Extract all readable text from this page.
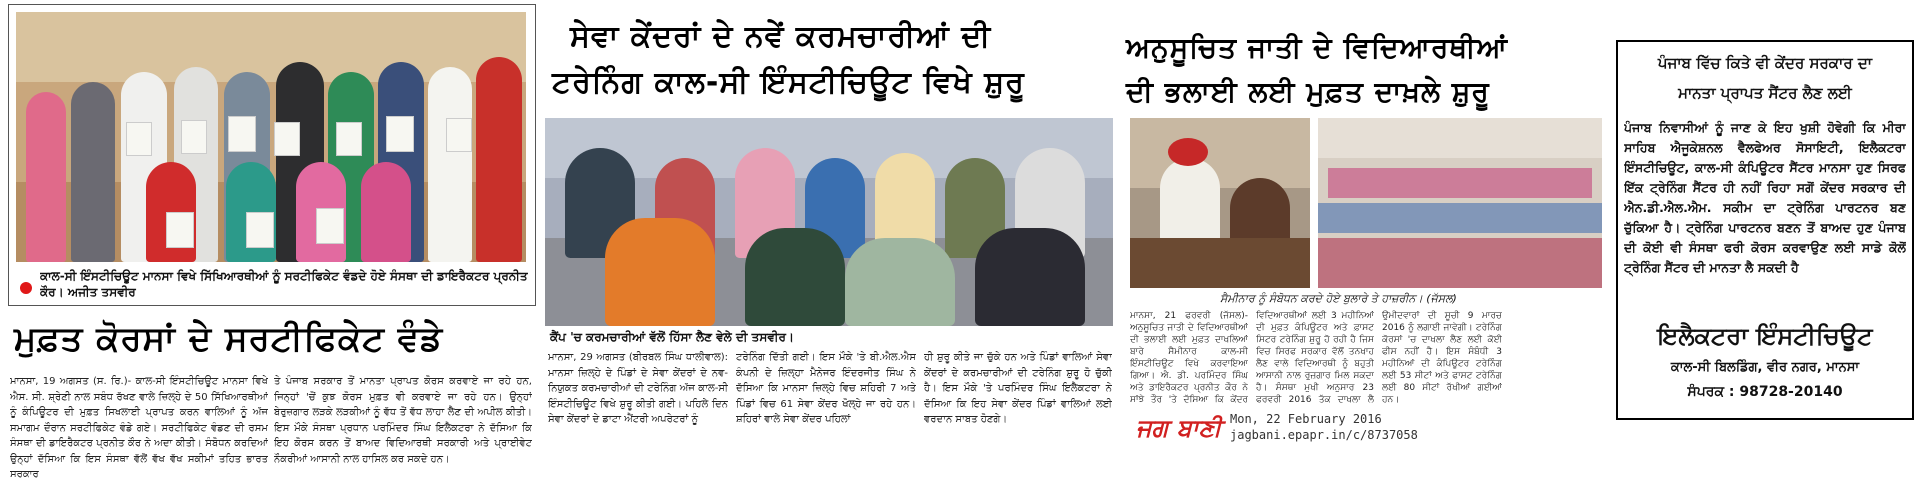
ਕਾਲ-ਸੀ ਇੰਸਟੀਚਿਊਟ ਮਾਨਸਾ ਵਿਖੇ ਸਿੱਖਿਆਰਥੀਆਂ ਨੂੰ ਸਰਟੀਫਿਕੇਟ ਵੰਡਦੇ ਹੋਏ ਸੰਸਥਾ ਦੀ ਡਾਇਰੈਕਟਰ ਪ੍ਰਨੀਤ ਕੌਰ। ਅਜੀਤ ਤਸਵੀਰ
ਮੁਫ਼ਤ ਕੋਰਸਾਂ ਦੇ ਸਰਟੀਫਿਕੇਟ ਵੰਡੇ
ਮਾਨਸਾ, 19 ਅਗਸਤ (ਸ. ਰਿ.)- ਕਾਲ-ਸੀ ਇੰਸਟੀਚਿਊਟ ਮਾਨਸਾ ਵਿਖੇ ਐਸ. ਸੀ. ਸ਼੍ਰੇਣੀ ਨਾਲ ਸਬੰਧ ਰੱਖਣ ਵਾਲੇ ਜ਼ਿਲ੍ਹੇ ਦੇ 50 ਸਿੱਖਿਆਰਥੀਆਂ ਨੂੰ ਕੰਪਿਊਟਰ ਦੀ ਮੁਫ਼ਤ ਸਿਖਲਾਈ ਪ੍ਰਾਪਤ ਕਰਨ ਵਾਲਿਆਂ ਨੂੰ ਅੱਜ ਸਮਾਗਮ ਦੌਰਾਨ ਸਰਟੀਫਿਕੇਟ ਵੰਡੇ ਗਏ। ਸਰਟੀਫਿਕੇਟ ਵੰਡਣ ਦੀ ਰਸਮ ਸੰਸਥਾ ਦੀ ਡਾਇਰੈਕਟਰ ਪ੍ਰਨੀਤ ਕੌਰ ਨੇ ਅਦਾ ਕੀਤੀ। ਸੰਬੋਧਨ ਕਰਦਿਆਂ ਉਨ੍ਹਾਂ ਦੱਸਿਆ ਕਿ ਇਸ ਸੰਸਥਾ ਵੱਲੋਂ ਵੱਖ ਵੱਖ ਸਕੀਮਾਂ ਤਹਿਤ ਭਾਰਤ ਸਰਕਾਰ
ਤੇ ਪੰਜਾਬ ਸਰਕਾਰ ਤੋਂ ਮਾਨਤਾ ਪ੍ਰਾਪਤ ਕੋਰਸ ਕਰਵਾਏ ਜਾ ਰਹੇ ਹਨ, ਜਿਨ੍ਹਾਂ 'ਚੋਂ ਕੁਝ ਕੋਰਸ ਮੁਫ਼ਤ ਵੀ ਕਰਵਾਏ ਜਾ ਰਹੇ ਹਨ। ਉਨ੍ਹਾਂ ਬੇਰੁਜ਼ਗਾਰ ਲੜਕੇ ਲੜਕੀਆਂ ਨੂੰ ਵੱਧ ਤੋਂ ਵੱਧ ਲਾਹਾ ਲੈਣ ਦੀ ਅਪੀਲ ਕੀਤੀ। ਇਸ ਮੌਕੇ ਸੰਸਥਾ ਪ੍ਰਧਾਨ ਪਰਮਿੰਦਰ ਸਿੰਘ ਇਲੈਕਟਰਾ ਨੇ ਦੱਸਿਆ ਕਿ ਇਹ ਕੋਰਸ ਕਰਨ ਤੋਂ ਬਾਅਦ ਵਿਦਿਆਰਥੀ ਸਰਕਾਰੀ ਅਤੇ ਪ੍ਰਾਈਵੇਟ ਨੌਕਰੀਆਂ ਆਸਾਨੀ ਨਾਲ ਹਾਸਿਲ ਕਰ ਸਕਦੇ ਹਨ।
ਸੇਵਾ ਕੇਂਦਰਾਂ ਦੇ ਨਵੇਂ ਕਰਮਚਾਰੀਆਂ ਦੀ
ਟਰੇਨਿੰਗ ਕਾਲ-ਸੀ ਇੰਸਟੀਚਿਊਟ ਵਿਖੇ ਸ਼ੁਰੂ
ਕੈਂਪ 'ਚ ਕਰਮਚਾਰੀਆਂ ਵੱਲੋਂ ਹਿੱਸਾ ਲੈਣ ਵੇਲੇ ਦੀ ਤਸਵੀਰ।
ਮਾਨਸਾ, 29 ਅਗਸਤ (ਬੀਰਬਲ ਸਿੰਘ ਧਾਲੀਵਾਲ): ਮਾਨਸਾ ਜ਼ਿਲ੍ਹੇ ਦੇ ਪਿੰਡਾਂ ਦੇ ਸੇਵਾ ਕੇਂਦਰਾਂ ਦੇ ਨਵ-ਨਿਯੁਕਤ ਕਰਮਚਾਰੀਆਂ ਦੀ ਟਰੇਨਿੰਗ ਅੱਜ ਕਾਲ-ਸੀ ਇੰਸਟੀਚਿਊਟ ਵਿਖੇ ਸ਼ੁਰੂ ਕੀਤੀ ਗਈ। ਪਹਿਲੇ ਦਿਨ ਸੇਵਾ ਕੇਂਦਰਾਂ ਦੇ ਡਾਟਾ ਐਂਟਰੀ ਅਪਰੇਟਰਾਂ ਨੂੰ
ਟਰੇਨਿੰਗ ਦਿੱਤੀ ਗਈ। ਇਸ ਮੌਕੇ 'ਤੇ ਬੀ.ਐਲ.ਐਸ ਕੰਪਨੀ ਦੇ ਜ਼ਿਲ੍ਹਾ ਮੈਨੇਜਰ ਇੰਦਰਜੀਤ ਸਿੰਘ ਨੇ ਦੱਸਿਆ ਕਿ ਮਾਨਸਾ ਜ਼ਿਲ੍ਹੇ ਵਿਚ ਸ਼ਹਿਰੀ 7 ਅਤੇ ਪਿੰਡਾਂ ਵਿਚ 61 ਸੇਵਾ ਕੇਂਦਰ ਖੋਲ੍ਹੇ ਜਾ ਰਹੇ ਹਨ। ਸ਼ਹਿਰਾਂ ਵਾਲੇ ਸੇਵਾ ਕੇਂਦਰ ਪਹਿਲਾਂ
ਹੀ ਸ਼ੁਰੂ ਕੀਤੇ ਜਾ ਚੁੱਕੇ ਹਨ ਅਤੇ ਪਿੰਡਾਂ ਵਾਲਿਆਂ ਸੇਵਾ ਕੇਂਦਰਾਂ ਦੇ ਕਰਮਚਾਰੀਆਂ ਦੀ ਟਰੇਨਿੰਗ ਸ਼ੁਰੂ ਹੋ ਚੁੱਕੀ ਹੈ। ਇਸ ਮੌਕੇ 'ਤੇ ਪਰਮਿੰਦਰ ਸਿੰਘ ਇਲੈਕਟਰਾ ਨੇ ਦੱਸਿਆ ਕਿ ਇਹ ਸੇਵਾ ਕੇਂਦਰ ਪਿੰਡਾਂ ਵਾਲਿਆਂ ਲਈ ਵਰਦਾਨ ਸਾਬਤ ਹੋਣਗੇ।
ਅਨੁਸੂਚਿਤ ਜਾਤੀ ਦੇ ਵਿਦਿਆਰਥੀਆਂ
ਦੀ ਭਲਾਈ ਲਈ ਮੁਫ਼ਤ ਦਾਖ਼ਲੇ ਸ਼ੁਰੂ
ਸੈਮੀਨਾਰ ਨੂੰ ਸੰਬੋਧਨ ਕਰਦੇ ਹੋਏ ਬੁਲਾਰੇ ਤੇ ਹਾਜ਼ਰੀਨ। (ਜੱਸਲ)
ਮਾਨਸਾ, 21 ਫਰਵਰੀ (ਜੱਸਲ)- ਅਨੁਸੂਚਿਤ ਜਾਤੀ ਦੇ ਵਿਦਿਆਰਥੀਆਂ ਦੀ ਭਲਾਈ ਲਈ ਮੁਫ਼ਤ ਦਾਖਲਿਆਂ ਬਾਰੇ ਸੈਮੀਨਾਰ ਕਾਲ-ਸੀ ਇੰਸਟੀਚਿਊਟ ਵਿਖੇ ਕਰਵਾਇਆ ਗਿਆ। ਐ. ਡੀ. ਪਰਮਿੰਦਰ ਸਿੰਘ ਅਤੇ ਡਾਇਰੈਕਟਰ ਪ੍ਰਨੀਤ ਕੌਰ ਨੇ ਸਾਂਝੇ ਤੌਰ 'ਤੇ ਦੱਸਿਆ ਕਿ ਕੇਂਦਰ
ਵਿਦਿਆਰਥੀਆਂ ਲਈ 3 ਮਹੀਨਿਆਂ ਦੀ ਮੁਫ਼ਤ ਕੰਪਿਊਟਰ ਅਤੇ ਫ਼ਾਸਟ ਸਿਟਰ ਟਰੇਨਿੰਗ ਸ਼ੁਰੂ ਹੋ ਰਹੀ ਹੈ ਜਿਸ ਵਿਚ ਸਿਰਫ ਸਰਕਾਰ ਵੱਲੋਂ ਤਨਖਾਹ ਲੈਣ ਵਾਲੇ ਵਿਦਿਆਰਥੀ ਨੂੰ ਬਹੁਤੀ ਆਸਾਨੀ ਨਾਲ ਰੁਜ਼ਗਾਰ ਮਿਲ ਸਕਦਾ ਹੈ। ਸੰਸਥਾ ਮੁਖੀ ਅਨੁਸਾਰ 23 ਫਰਵਰੀ 2016 ਤੱਕ ਦਾਖਲਾ ਲੈ
ਉਮੀਦਵਾਰਾਂ ਦੀ ਸੂਚੀ 9 ਮਾਰਚ 2016 ਨੂੰ ਲਗਾਈ ਜਾਵੇਗੀ। ਟਰੇਨਿੰਗ ਕੋਰਸਾਂ 'ਚ ਦਾਖਲਾ ਲੈਣ ਲਈ ਕੋਈ ਫੀਸ ਨਹੀਂ ਹੈ। ਇਸ ਸੰਬੰਧੀ 3 ਮਹੀਨਿਆਂ ਦੀ ਕੰਪਿਊਟਰ ਟਰੇਨਿੰਗ ਲਈ 53 ਸੀਟਾਂ ਅਤੇ ਫਾਸਟ ਟਰੇਨਿੰਗ ਲਈ 80 ਸੀਟਾਂ ਰੱਖੀਆਂ ਗਈਆਂ ਹਨ।
ਜਗ ਬਾਣੀ Mon, 22 February 2016
jagbani.epapr.in/c/8737058
ਪੰਜਾਬ ਵਿੱਚ ਕਿਤੇ ਵੀ ਕੇਂਦਰ ਸਰਕਾਰ ਦਾ
ਮਾਨਤਾ ਪ੍ਰਾਪਤ ਸੈਂਟਰ ਲੈਣ ਲਈ
ਪੰਜਾਬ ਨਿਵਾਸੀਆਂ ਨੂੰ ਜਾਣ ਕੇ ਇਹ ਖੁਸ਼ੀ ਹੋਵੇਗੀ ਕਿ ਮੀਰਾ ਸਾਹਿਬ ਐਜੂਕੇਸ਼ਨਲ ਵੈਲਫੇਅਰ ਸੋਸਾਇਟੀ, ਇਲੈਕਟਰਾ ਇੰਸਟੀਚਿਊਟ, ਕਾਲ-ਸੀ ਕੰਪਿਊਟਰ ਸੈਂਟਰ ਮਾਨਸਾ ਹੁਣ ਸਿਰਫ ਇੱਕ ਟ੍ਰੇਨਿੰਗ ਸੈਂਟਰ ਹੀ ਨਹੀਂ ਰਿਹਾ ਸਗੋਂ ਕੇਂਦਰ ਸਰਕਾਰ ਦੀ ਐਨ.ਡੀ.ਐਲ.ਐਮ. ਸਕੀਮ ਦਾ ਟ੍ਰੇਨਿੰਗ ਪਾਰਟਨਰ ਬਣ ਚੁੱਕਿਆ ਹੈ। ਟ੍ਰੇਨਿੰਗ ਪਾਰਟਨਰ ਬਣਨ ਤੋਂ ਬਾਅਦ ਹੁਣ ਪੰਜਾਬ ਦੀ ਕੋਈ ਵੀ ਸੰਸਥਾ ਫਰੀ ਕੋਰਸ ਕਰਵਾਉਣ ਲਈ ਸਾਡੇ ਕੋਲੋਂ ਟ੍ਰੇਨਿੰਗ ਸੈਂਟਰ ਦੀ ਮਾਨਤਾ ਲੈ ਸਕਦੀ ਹੈ
ਇਲੈਕਟਰਾ ਇੰਸਟੀਚਿਊਟ
ਕਾਲ-ਸੀ ਬਿਲਡਿੰਗ, ਵੀਰ ਨਗਰ, ਮਾਨਸਾ
ਸੰਪਰਕ : 98728-20140
